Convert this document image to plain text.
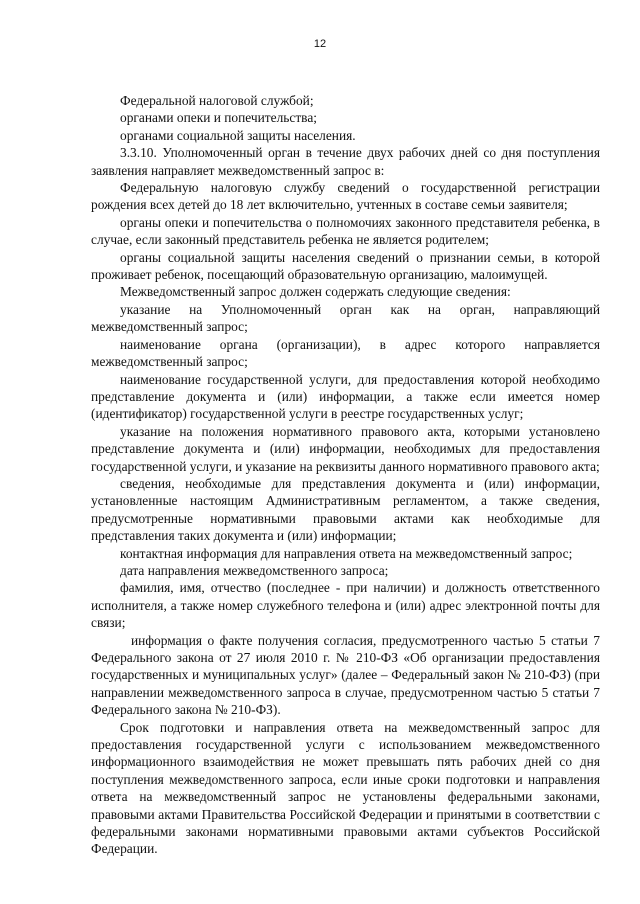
12

Федеральной налоговой службой;

органами опеки и попечительства;

органами социальной защиты населения.

3.3.10. Уполномоченный орган в течение двух рабочих дней со дня поступления заявления направляет межведомственный запрос в:

Федеральную налоговую службу сведений о государственной регистрации рождения всех детей до 18 лет включительно, учтенных в составе семьи заявителя;

органы опеки и попечительства о полномочиях законного представителя ребенка, в случае, если законный представитель ребенка не является родителем;

органы социальной защиты населения сведений о признании семьи, в которой проживает ребенок, посещающий образовательную организацию, малоимущей.

Межведомственный запрос должен содержать следующие сведения:

указание на Уполномоченный орган как на орган, направляющий межведомственный запрос;

наименование органа (организации), в адрес которого направляется межведомственный запрос;

наименование государственной услуги, для предоставления которой необходимо представление документа и (или) информации, а также если имеется номер (идентификатор) государственной услуги в реестре государственных услуг;

указание на положения нормативного правового акта, которыми установлено представление документа и (или) информации, необходимых для предоставления государственной услуги, и указание на реквизиты данного нормативного правового акта;

сведения, необходимые для представления документа и (или) информации, установленные настоящим Административным регламентом, а также сведения, предусмотренные нормативными правовыми актами как необходимые для представления таких документа и (или) информации;

контактная информация для направления ответа на межведомственный запрос;

дата направления межведомственного запроса;

фамилия, имя, отчество (последнее - при наличии) и должность ответственного исполнителя, а также номер служебного телефона и (или) адрес электронной почты для связи;

информация о факте получения согласия, предусмотренного частью 5 статьи 7 Федерального закона от 27 июля 2010 г. № 210-ФЗ «Об организации предоставления государственных и муниципальных услуг» (далее – Федеральный закон № 210-ФЗ) (при направлении межведомственного запроса в случае, предусмотренном частью 5 статьи 7 Федерального закона № 210-ФЗ).

Срок подготовки и направления ответа на межведомственный запрос для предоставления государственной услуги с использованием межведомственного информационного взаимодействия не может превышать пять рабочих дней со дня поступления межведомственного запроса, если иные сроки подготовки и направления ответа на межведомственный запрос не установлены федеральными законами, правовыми актами Правительства Российской Федерации и принятыми в соответствии с федеральными законами нормативными правовыми актами субъектов Российской Федерации.
